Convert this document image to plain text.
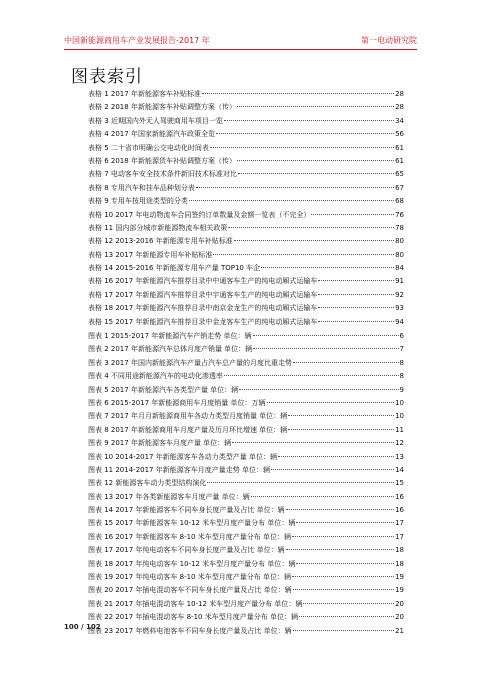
中国新能源商用车产业发展报告-2017 年	第一电动研究院
图表索引
表格 1 2017 年新能源客车补贴标准	28
表格 2 2018 年新能源客车补贴调整方案（传）	28
表格 3 近期国内外无人驾驶商用车项目一览	34
表格 4 2017 年国家新能源汽车政策全览	56
表格 5 二十省市明确公交电动化时间表	61
表格 6 2018 年新能源货车补贴调整方案（传）	61
表格 7 电动客车安全技术条件新旧技术标准对比	65
表格 8 专用汽车和挂车品种划分表	67
表格 9 专用车按用途类型的分类	68
表格 10 2017 年电动物流车合同签约订单数量及金额一览表（不完全）	76
表格 11 国内部分城市新能源物流车相关政策	78
表格 12 2013-2016 年新能源专用车补贴标准	80
表格 13 2017 年新能源专用车补贴标准	80
表格 14 2015-2016 年新能源专用车产量 TOP10 车企	84
表格 16 2017 年新能源汽车推荐目录中中通客车生产的纯电动厢式运输车	91
表格 17 2017 年新能源汽车推荐目录中宇通客车生产的纯电动厢式运输车	92
表格 18 2017 年新能源汽车推荐目录中南京金龙生产的纯电动厢式运输车	93
表格 15 2017 年新能源汽车推荐目录中金龙客车生产的纯电动厢式运输车	94
图表 1 2015-2017 年新能源汽车产销走势 单位：辆	6
图表 2 2017 年新能源汽车总体月度产销量 单位：辆	7
图表 3 2017 年国内新能源汽车产量占汽车总产量的月度比重走势	8
图表 4 不同用途新能源汽车的电动化渗透率	8
图表 5 2017 年新能源汽车各类型产量 单位：辆	9
图表 6 2015-2017 年新能源商用车月度销量 单位：万辆	10
图表 7 2017 年月月新能源商用车各动力类型月度销量 单位：辆	10
图表 8 2017 年新能源商用车月度产量及历月环比增速 单位：辆	11
图表 9 2017 年新能源客车月度产量 单位：辆	12
图表 10 2014-2017 年新能源客车各动力类型产量 单位：辆	13
图表 11 2014-2017 年新能源客车月度产量走势 单位：辆	14
图表 12 新能源客车动力类型结构演化	15
图表 13 2017 年各类新能源客车月度产量 单位：辆	16
图表 14 2017 年新能源客车不同车身长度产量及占比 单位：辆	16
图表 15 2017 年新能源客车 10-12 米车型月度产量分布 单位：辆	17
图表 16 2017 年新能源客车 8-10 米车型月度产量分布 单位：辆	17
图表 17 2017 年纯电动客车不同车身长度产量及占比 单位：辆	18
图表 18 2017 年纯电动客车 10-12 米车型月度产量分布 单位：辆	18
图表 19 2017 年纯电动客车 8-10 米车型月度产量分布 单位：辆	19
图表 20 2017 年插电混动客车不同车身长度产量及占比 单位：辆	19
图表 21 2017 年插电混动客车 10-12 米车型月度产量分布 单位：辆	20
图表 22 2017 年插电混动客车 8-10 米车型月度产量分布 单位：辆	20
图表 23 2017 年燃料电池客车不同车身长度产量及占比 单位：辆	21
100 / 102
